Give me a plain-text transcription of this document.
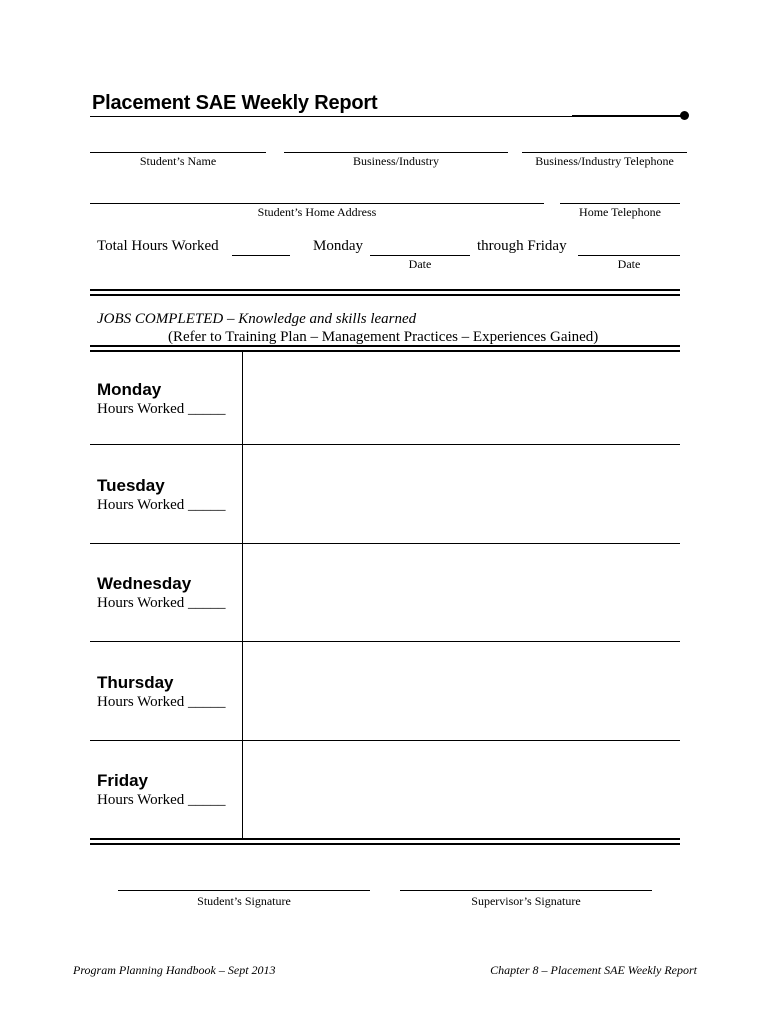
Placement SAE Weekly Report
Student’s Name	Business/Industry	Business/Industry Telephone
Student’s Home Address	Home Telephone
Total Hours Worked	Monday
Date
through Friday
Date
JOBS COMPLETED – Knowledge and skills learned
(Refer to Training Plan – Management Practices – Experiences Gained)
Monday
Hours Worked _____
Tuesday
Hours Worked _____
Wednesday
Hours Worked _____
Thursday
Hours Worked _____
Friday
Hours Worked _____
Student’s Signature	Supervisor’s Signature
Program Planning Handbook – Sept 2013	Chapter 8 – Placement SAE Weekly Report
